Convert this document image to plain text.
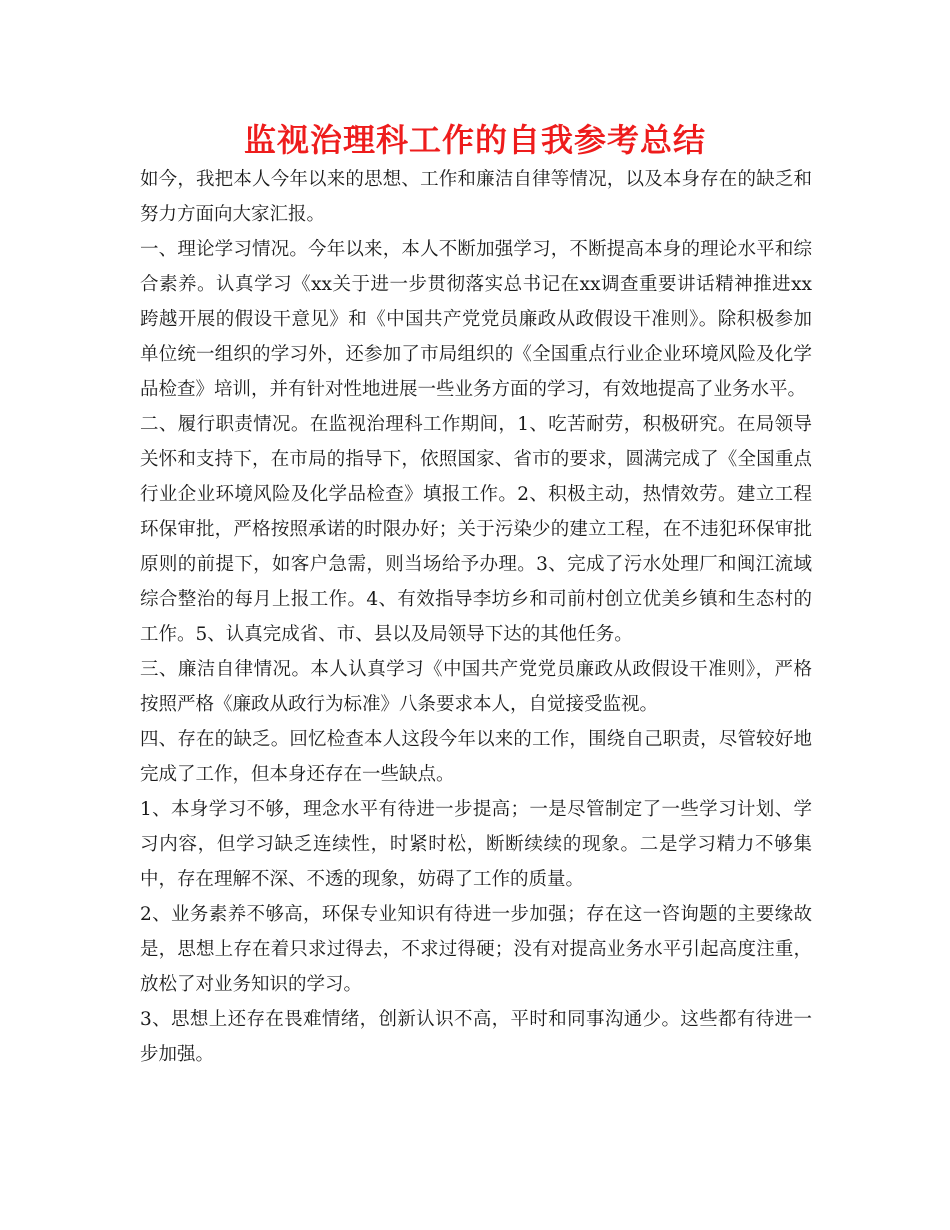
监视治理科工作的自我参考总结

如今，我把本人今年以来的思想、工作和廉洁自律等情况，以及本身存在的缺乏和努力方面向大家汇报。

一、理论学习情况。今年以来，本人不断加强学习，不断提高本身的理论水平和综合素养。认真学习《xx关于进一步贯彻落实总书记在xx调查重要讲话精神推进xx跨越开展的假设干意见》和《中国共产党党员廉政从政假设干准则》。除积极参加单位统一组织的学习外，还参加了市局组织的《全国重点行业企业环境风险及化学品检查》培训，并有针对性地进展一些业务方面的学习，有效地提高了业务水平。

二、履行职责情况。在监视治理科工作期间，1、吃苦耐劳，积极研究。在局领导关怀和支持下，在市局的指导下，依照国家、省市的要求，圆满完成了《全国重点行业企业环境风险及化学品检查》填报工作。2、积极主动，热情效劳。建立工程环保审批，严格按照承诺的时限办好；关于污染少的建立工程，在不违犯环保审批原则的前提下，如客户急需，则当场给予办理。3、完成了污水处理厂和闽江流域综合整治的每月上报工作。4、有效指导李坊乡和司前村创立优美乡镇和生态村的工作。5、认真完成省、市、县以及局领导下达的其他任务。

三、廉洁自律情况。本人认真学习《中国共产党党员廉政从政假设干准则》，严格按照严格《廉政从政行为标准》八条要求本人，自觉接受监视。

四、存在的缺乏。回忆检查本人这段今年以来的工作，围绕自己职责，尽管较好地完成了工作，但本身还存在一些缺点。

1、本身学习不够，理念水平有待进一步提高；一是尽管制定了一些学习计划、学习内容，但学习缺乏连续性，时紧时松，断断续续的现象。二是学习精力不够集中，存在理解不深、不透的现象，妨碍了工作的质量。

2、业务素养不够高，环保专业知识有待进一步加强；存在这一咨询题的主要缘故是，思想上存在着只求过得去，不求过得硬；没有对提高业务水平引起高度注重，放松了对业务知识的学习。

3、思想上还存在畏难情绪，创新认识不高，平时和同事沟通少。这些都有待进一步加强。
